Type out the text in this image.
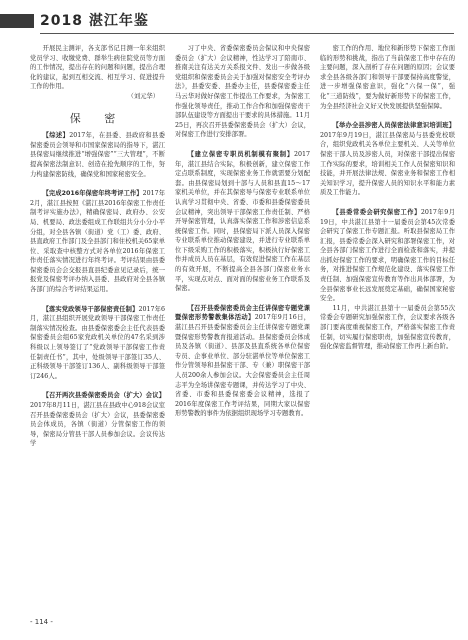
2018 湛江年鉴

开展民主测评，各支部书记目测一年来组织党员学习、收缴党费、群举生病住院党员等方面的工作情况，提出存在的问题和问题，提出合理化的建议，起到互相交流、相互学习、促进提升工作的作用。

（刘元华）
保 密

【综述】2017年，在县委、县政府和县委保密委员会领导和市国家保密局的指导下，湛江县保密局继续推进“增强保密”“三大管理”，不断提高保密法制意识、创造在抢先顺序的工作，努力构建保密防线，确保党和国家秘密安全。

【完成2016年保密年终考评工作】2017年2月，湛江县按照《湛江县2016年保密工作责任制考评实施办法》，精确保密局、政府办、公安局、机要局、政法委组成工作联组共分小分小平分组，对全县各镇（街道）党（工）委、政府、县直政府工作部门及全县部门和住校机关65家单位、采取查中核整方式对各单位2016年保密工作责任落实情况进行年终考评。考评结果由县委保密委员会会交报县直县纪委意见记录后，统一报党及保密考评办纳入县委、县政府对全县各镇各部门的综合考评结果运用。

【落实党政领导干部保密责任制】2017年6月，湛江县组织开展党政领导干部保密工作责任制落实情况检查。由县委保密委会主任代表县委保密委员会组65家党政机关单位的47名采到涉科级以上领导签订了“党政领导干部保密工作责任制责任书”，其中，处级领导干部签订35人、正科级领导干部签订136人、副科级领导干部签订246人。

【召开两次县委保密委员会（扩大）会议】2017年8月11日，湛江县在县政中心918会议室召开县委保密委员会（扩大）会议，县委保密委员会体成员，各镇（街道）分管保密工作的领导，保密局分管县干部人员参加会议。会议传达学

习了中央、省委保密委员会保议和中央保密委员会（扩大）会议精神，性达学习了陪南市、推南关注有达关方关系报文件、发出一步做各级党组织和保密委员会关于加强对保密安全考评办法》，县委安委、县委办主任，县委保密委主任马云华对做好保密工作提出工作要求，为保密工作强化领导责任，推动工作合作和加强保密责干部队伍建设等方面提出干要求的具体措施。11月25日，再次召开县委保密委员会（扩大）会议，对保密工作进行安排部署。

【建立保密专职员机制模有聚制】2017年，湛江县结合实际，积极创新，建立保密工作定点联系制度，实现保密业务工作就需要分划配套。由县保密局划到十部与人员和县直15～17家机关单位，并在其保密导与保密专业联系单位认真学习贯彻中央、省委、市委和县委保密委员会议精神，突出领导干部保密工作责任制、严格开导保密管理，认真落实保密工作和涉密信息系统保密工作。同时，县保密局下派人员深入保密专业联系单位推动保密建设，并进行专业联系单位下级采购工作的积极落实，积极执行好保密工作并成员人员在基层，有效促进保密工作在基层的有效开展，不断提高全县各部门保密业务水平，实现点对点、面对面的保密业务工作联系及保密。

【召开县委保密委员会主任讲保密专题党课暨保密形势警教集体活动】2017年9月16日，湛江县召开县委保密委员会主任讲保密专题党课暨保密形势警教育报道活动。县保密委员会体成员及各镇（街道）、县部及县直系统各单位保密专员、企事业单位、部分驻湛单位等单位保密工作分管领导和县保密干部、专（兼）职保密干部人员200余人参加会议。大会保密委员会主任周志平为全场讲保密专题课，并传达学习了中央、省委、市委和县委保密委会议精神，选报了2016年度保密工作考评结果，同期大家以保密形势警教的事件为依据组织现场学习专题教育。

密工作的作用、地位和新形势下保密工作面临的形势和挑战，指出了当前保密工作中存在的主要问题，深入剖析了存在问题的原因；会议要求全县各级各部门和领导干部要保持高度警觉，进一步增强保密意识，强化“六保一保”，强化“三道防线”，要为做好新形势下的保密工作，为全县经济社会义好又快发展提供坚强保障。

【举办全县涉密人员保密法律意识培训班】2017年9月19日，湛江县保密局与县委党校联合，组织党政机关各单位主要机关、人关等单位保密干部人员及涉密人员，对保密干部提出保密工作实际的要求，培训相关工作人员保密知识和技能，并开展法律法规、保密业务和保密工作相关知识学习，提升保密人员的知识水平和能力素质及工作能力。

【县委常委会研究保密工作】2017年9月19日，中共湛江县第十一届委员会第45次常委会研究了保密工作专题汇报。听取县保密局工作汇报，县委常委会深入研究和部署保密工作，对全县各部门保密工作进行全面检查和落实，并提出抓好保密工作的要求，明确保密工作的目标任务，对推进保密工作规范化建设、落实保密工作责任制、加强保密宣传教育等作出具体部署，为全县保密事业长远发展奠定基础，确保国家秘密安全。

11月，中共湛江县第十一届委员会第55次常委会专题研究加强保密工作，会议要求各级各部门要高度重视保密工作，严格落实保密工作责任制，切实履行保密职责，加强保密宣传教育，强化保密监督管理，推动保密工作再上新台阶。

- 114 -
